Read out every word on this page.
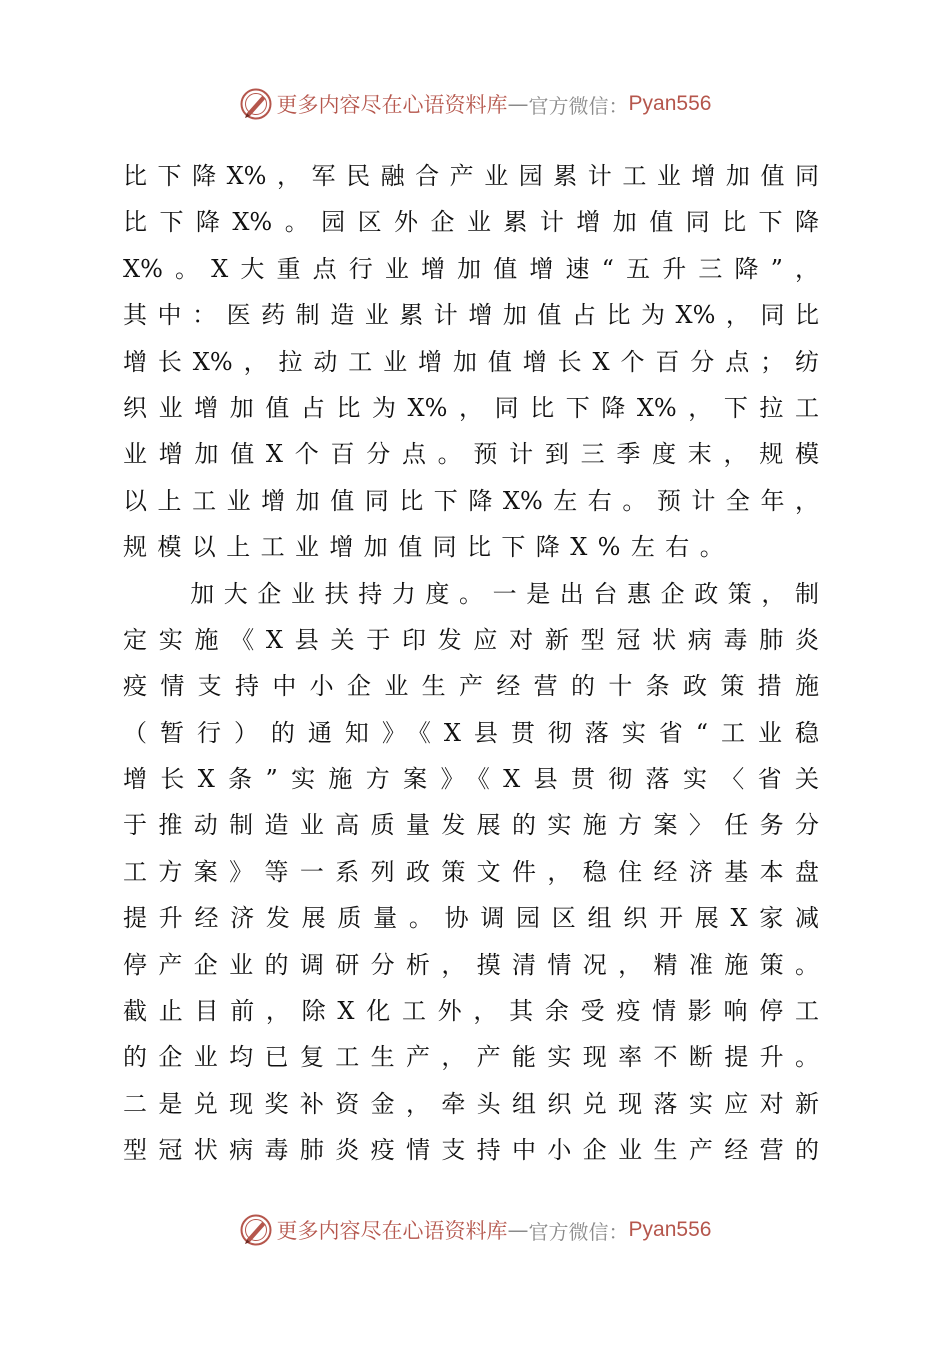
更多内容尽在心语资料库 — 官方微信： Pyan556
比下降X%，军民融合产业园累计工业增加值同
比下降X%。园区外企业累计增加值同比下降
X%。X大重点行业增加值增速“五升三降”，
其中：医药制造业累计增加值占比为X%，同比
增长X%，拉动工业增加值增长X个百分点；纺
织业增加值占比为X%，同比下降X%，下拉工
业增加值X个百分点。预计到三季度末，规模
以上工业增加值同比下降X%左右。预计全年，
规模以上工业增加值同比下降X%左右。
　　加大企业扶持力度。一是出台惠企政策，制
定实施《X县关于印发应对新型冠状病毒肺炎
疫情支持中小企业生产经营的十条政策措施
（暂行）的通知》《X县贯彻落实省“工业稳
增长X条”实施方案》《X县贯彻落实〈省关
于推动制造业高质量发展的实施方案〉任务分
工方案》等一系列政策文件，稳住经济基本盘
提升经济发展质量。协调园区组织开展X家减
停产企业的调研分析，摸清情况，精准施策。
截止目前，除X化工外，其余受疫情影响停工
的企业均已复工生产，产能实现率不断提升。
二是兑现奖补资金，牵头组织兑现落实应对新
型冠状病毒肺炎疫情支持中小企业生产经营的
更多内容尽在心语资料库 — 官方微信： Pyan556
